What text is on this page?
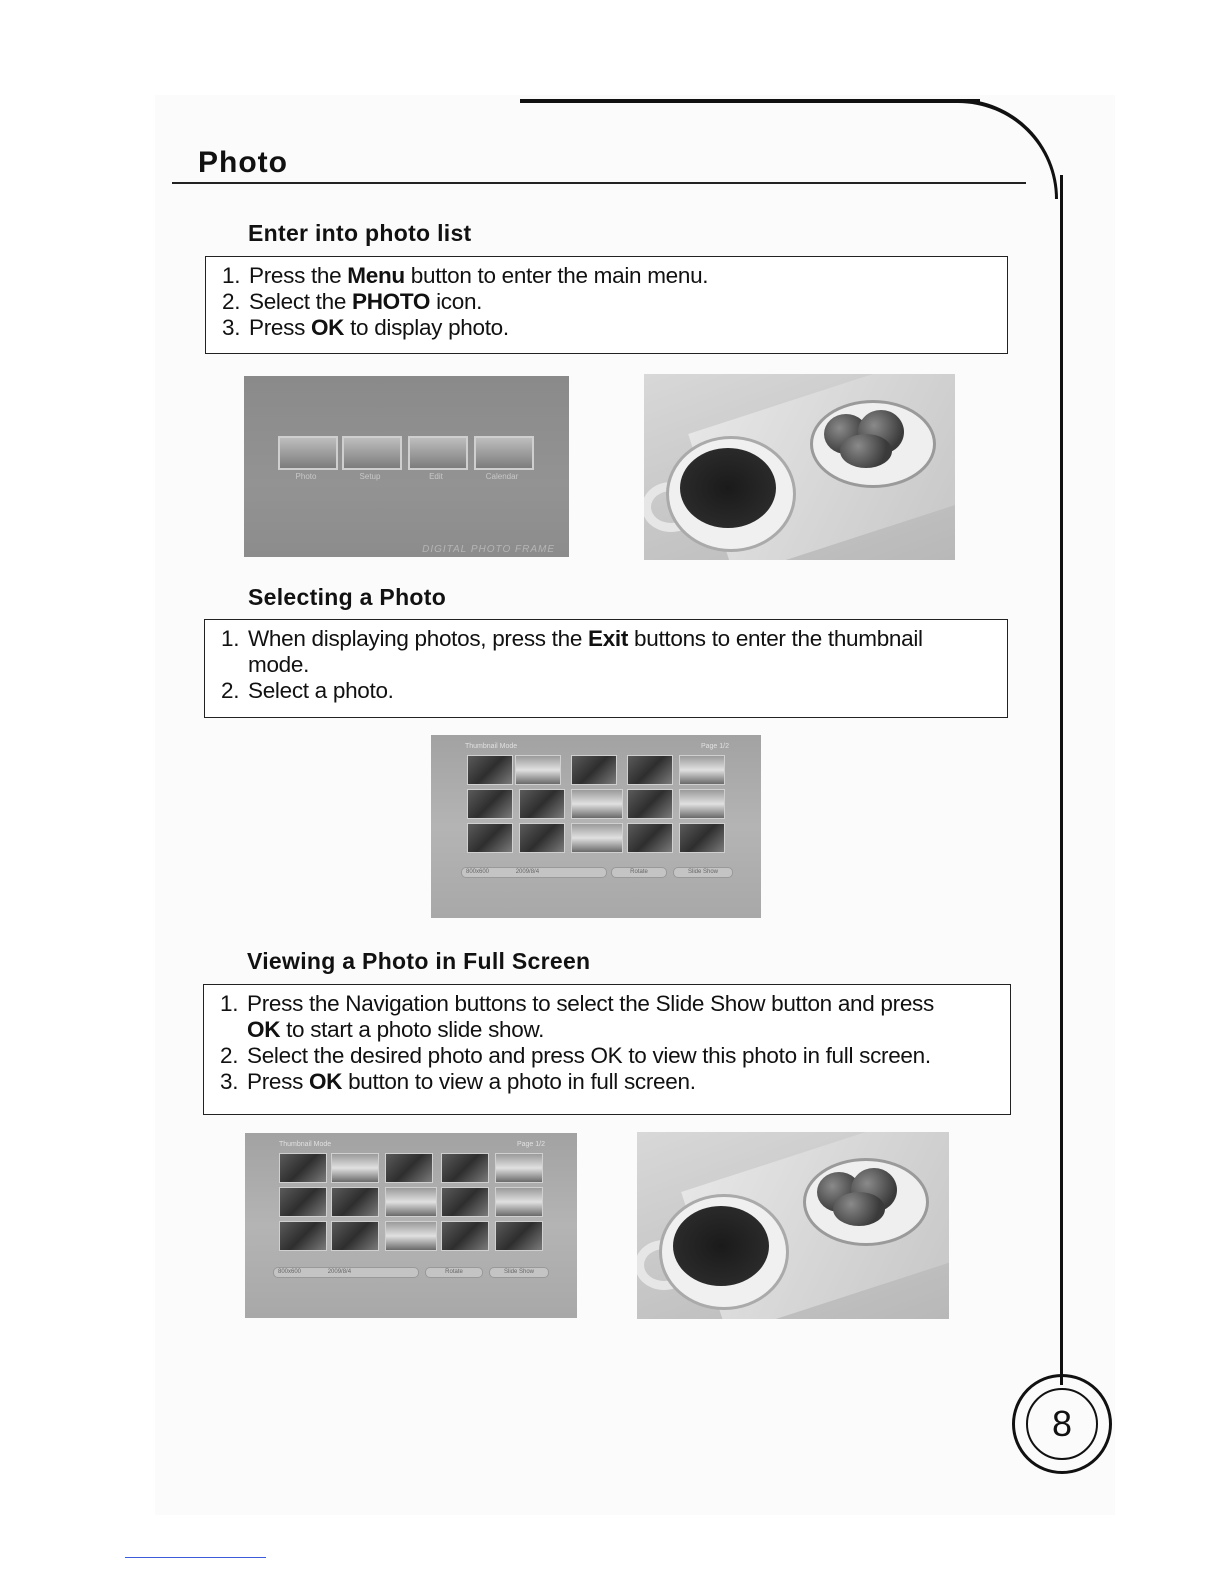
Photo
Enter into photo list
1. Press the Menu button to enter the main menu.
2. Select the PHOTO icon.
3. Press OK to display photo.
Photo	Setup	Edit	Calendar
DIGITAL PHOTO FRAME
Selecting a Photo
1. When displaying photos, press the Exit buttons to enter the thumbnail
mode.
2. Select a photo.
Thumbnail Mode	Page 1/2
800x600	2009/8/4	Rotate	Slide Show
Viewing a Photo in Full Screen
1. Press the Navigation buttons to select the Slide Show button and press
OK to start a photo slide show.
2. Select the desired photo and press OK to view this photo in full screen.
3. Press OK button to view a photo in full screen.
Thumbnail Mode	Page 1/2
800x600	2009/8/4	Rotate	Slide Show
8
